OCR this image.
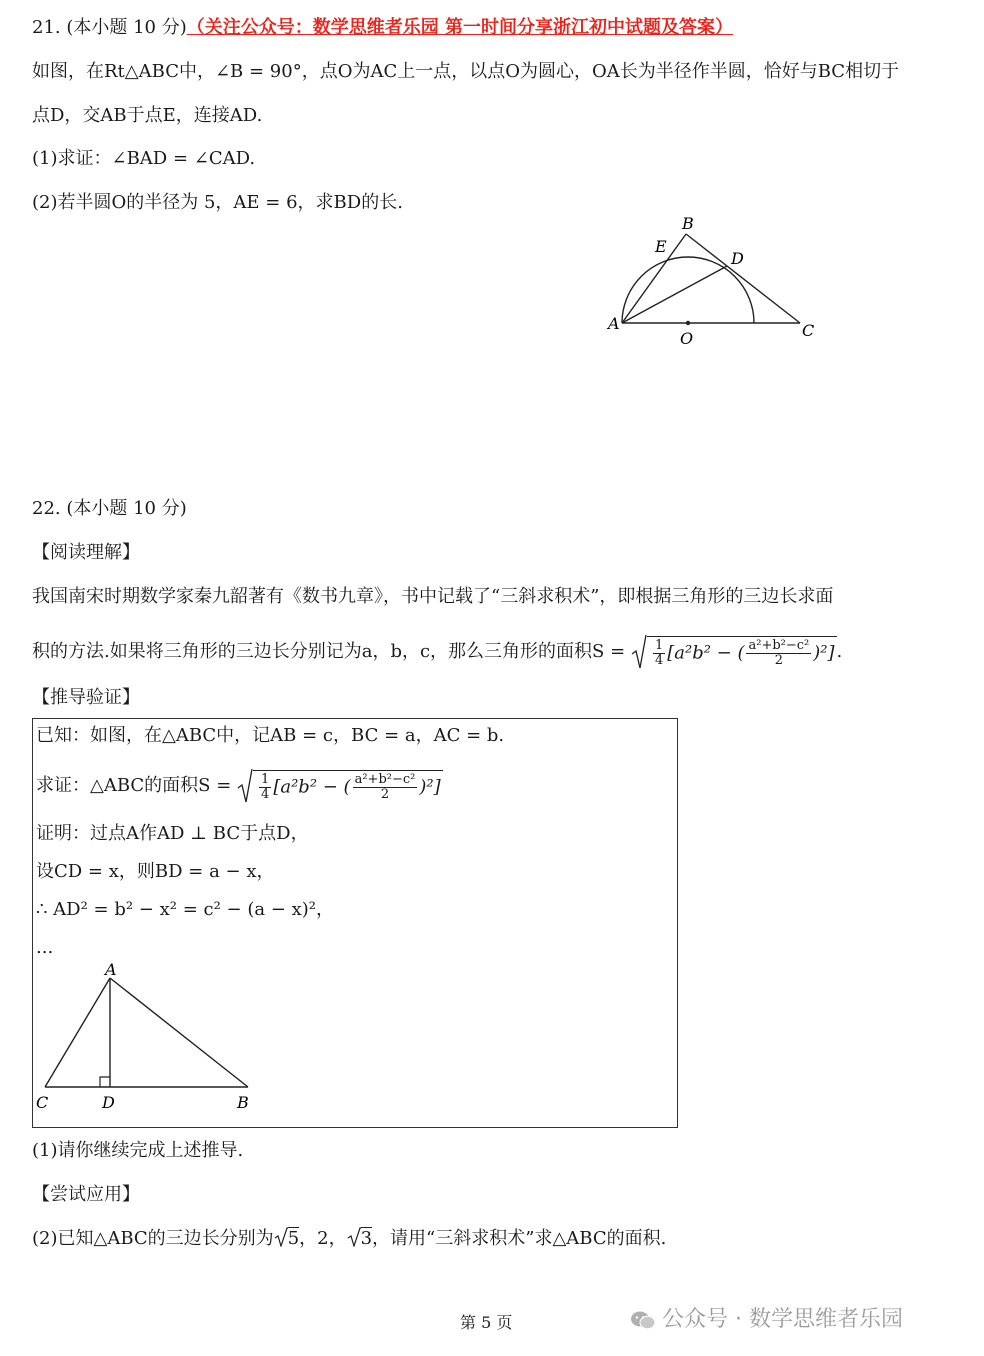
21. (本小题 10 分)（关注公众号：数学思维者乐园 第一时间分享浙江初中试题及答案）
如图，在Rt△ABC中，∠B = 90°，点O为AC上一点，以点O为圆心，OA长为半径作半圆，恰好与BC相切于
点D，交AB于点E，连接AD.
(1)求证：∠BAD = ∠CAD.
(2)若半圆O的半径为 5，AE = 6，求BD的长.
A
B
C
D
E
O
22. (本小题 10 分)
【阅读理解】
我国南宋时期数学家秦九韶著有《数书九章》，书中记载了“三斜求积术”，即根据三角形的三边长求面
积的方法.如果将三角形的三边长分别记为a，b，c，那么三角形的面积$S = \frac{1}{4} [a^2b^2$ − ( $\frac{\text{a²+b²−c²}}{2} )^2$] .
【推导验证】
已知：如图，在△ABC中，记AB = c，BC = a，AC = b.
求证：△ABC的面积$S = \frac{1}{4} [a^2b^2$ − ( $\frac{\text{a²+b²−c²}}{2} )^2$]
证明：过点A作AD ⊥ BC于点D，
设CD = x，则BD = a − x，
∴ AD² = b² − x² = c² − (a − x)²，
...
A
C	D	B
(1)请你继续完成上述推导.
【尝试应用】
(2)已知△ABC的三边长分别为 5，2， 3，请用“三斜求积术”求△ABC的面积.
第 5 页	公众号 · 数学思维者乐园
